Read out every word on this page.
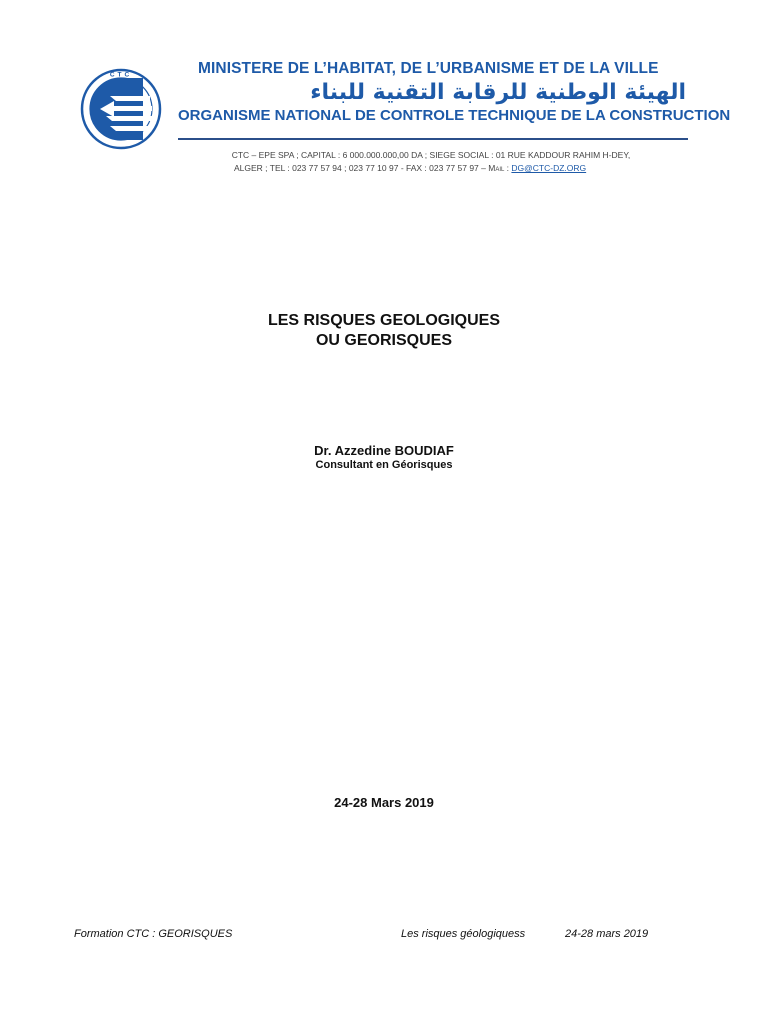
CTC	MINISTERE DE L’HABITAT, DE L’URBANISME ET DE LA VILLE
الهيئة الوطنية للرقابة التقنية للبناء
ORGANISME NATIONAL DE CONTROLE TECHNIQUE DE LA CONSTRUCTION
CTC – EPE SPA ; CAPITAL : 6 000.000.000,00 DA ; SIEGE SOCIAL : 01 RUE KADDOUR RAHIM H-DEY,
ALGER ; TEL : 023 77 57 94 ; 023 77 10 97 - FAX : 023 77 57 97 – Mail : DG@CTC-DZ.ORG
LES RISQUES GEOLOGIQUES
OU GEORISQUES
Dr. Azzedine BOUDIAF
Consultant en Géorisques
24-28 Mars 2019
Formation CTC : GEORISQUES	Les risques géologiquess	24-28 mars 2019
